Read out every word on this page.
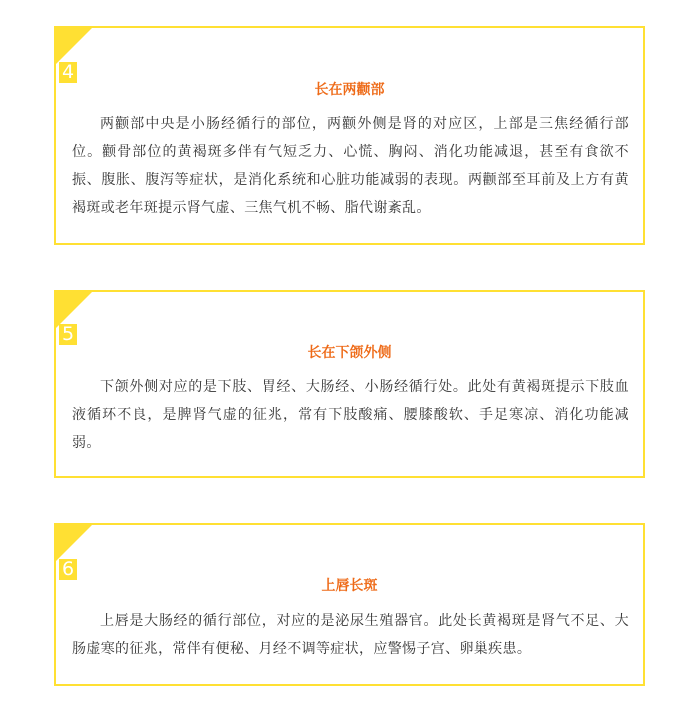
4
长在两颧部
两颧部中央是小肠经循行的部位，两颧外侧是肾的对应区，上部是三焦经循行部位。颧骨部位的黄褐斑多伴有气短乏力、心慌、胸闷、消化功能减退，甚至有食欲不振、腹胀、腹泻等症状，是消化系统和心脏功能减弱的表现。两颧部至耳前及上方有黄褐斑或老年斑提示肾气虚、三焦气机不畅、脂代谢紊乱。
5
长在下颌外侧
下颌外侧对应的是下肢、胃经、大肠经、小肠经循行处。此处有黄褐斑提示下肢血液循环不良，是脾肾气虚的征兆，常有下肢酸痛、腰膝酸软、手足寒凉、消化功能减弱。
6
上唇长斑
上唇是大肠经的循行部位，对应的是泌尿生殖器官。此处长黄褐斑是肾气不足、大肠虚寒的征兆，常伴有便秘、月经不调等症状，应警惕子宫、卵巢疾患。
